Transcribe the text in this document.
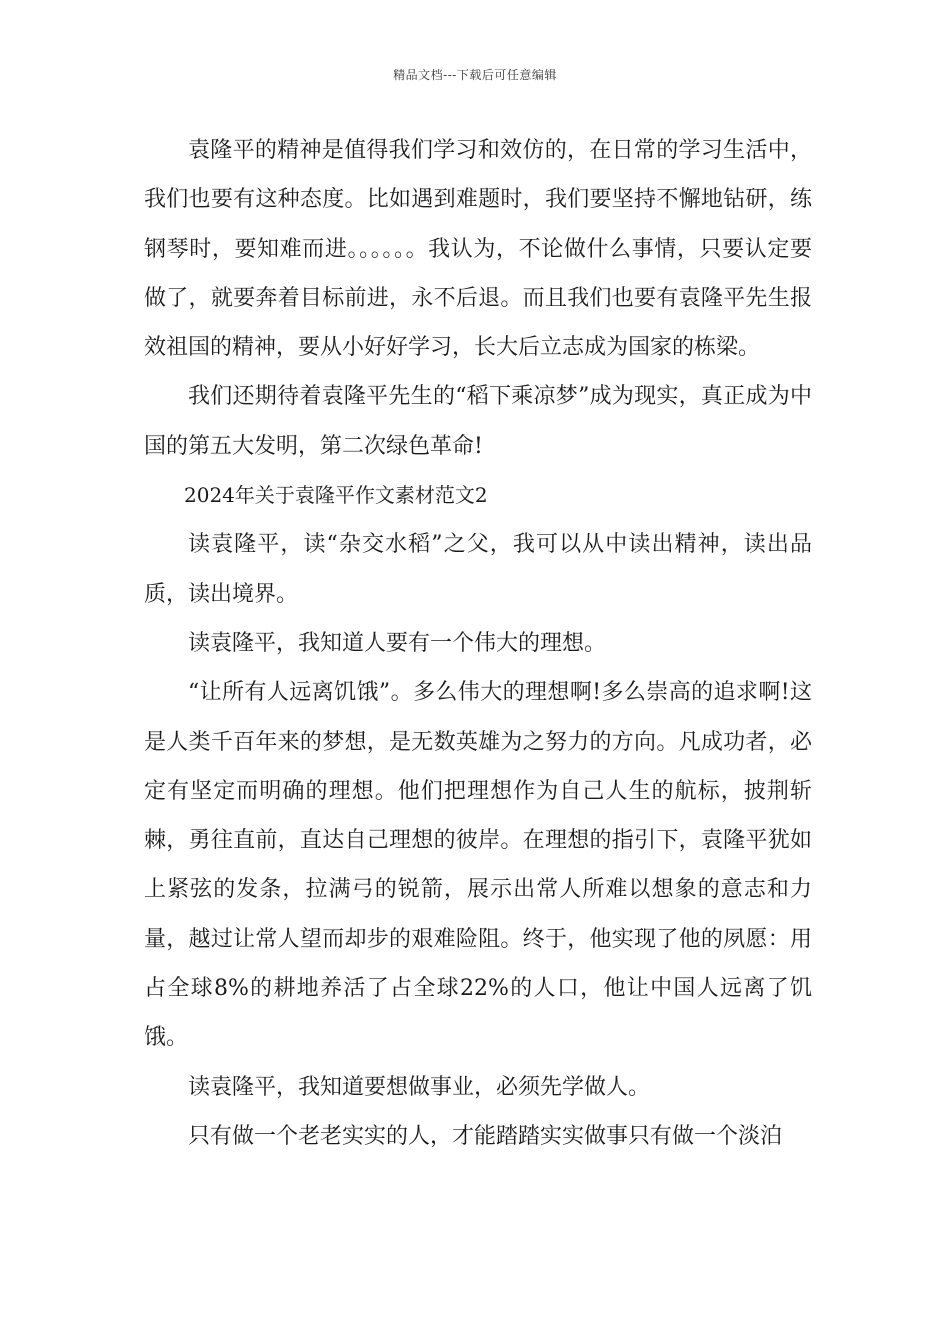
精品文档---下载后可任意编辑

袁隆平的精神是值得我们学习和效仿的，在日常的学习生活中，我们也要有这种态度。比如遇到难题时，我们要坚持不懈地钻研，练钢琴时，要知难而进。。。。。。我认为，不论做什么事情，只要认定要做了，就要奔着目标前进，永不后退。而且我们也要有袁隆平先生报效祖国的精神，要从小好好学习，长大后立志成为国家的栋梁。

我们还期待着袁隆平先生的“稻下乘凉梦”成为现实，真正成为中国的第五大发明，第二次绿色革命!

2024年关于袁隆平作文素材范文2

读袁隆平，读“杂交水稻”之父，我可以从中读出精神，读出品质，读出境界。

读袁隆平，我知道人要有一个伟大的理想。

“让所有人远离饥饿”。多么伟大的理想啊!多么崇高的追求啊!这是人类千百年来的梦想，是无数英雄为之努力的方向。凡成功者，必定有坚定而明确的理想。他们把理想作为自己人生的航标，披荆斩棘，勇往直前，直达自己理想的彼岸。在理想的指引下，袁隆平犹如上紧弦的发条，拉满弓的锐箭，展示出常人所难以想象的意志和力量，越过让常人望而却步的艰难险阻。终于，他实现了他的夙愿：用占全球8%的耕地养活了占全球22%的人口，他让中国人远离了饥饿。

读袁隆平，我知道要想做事业，必须先学做人。

只有做一个老老实实的人，才能踏踏实实做事只有做一个淡泊
